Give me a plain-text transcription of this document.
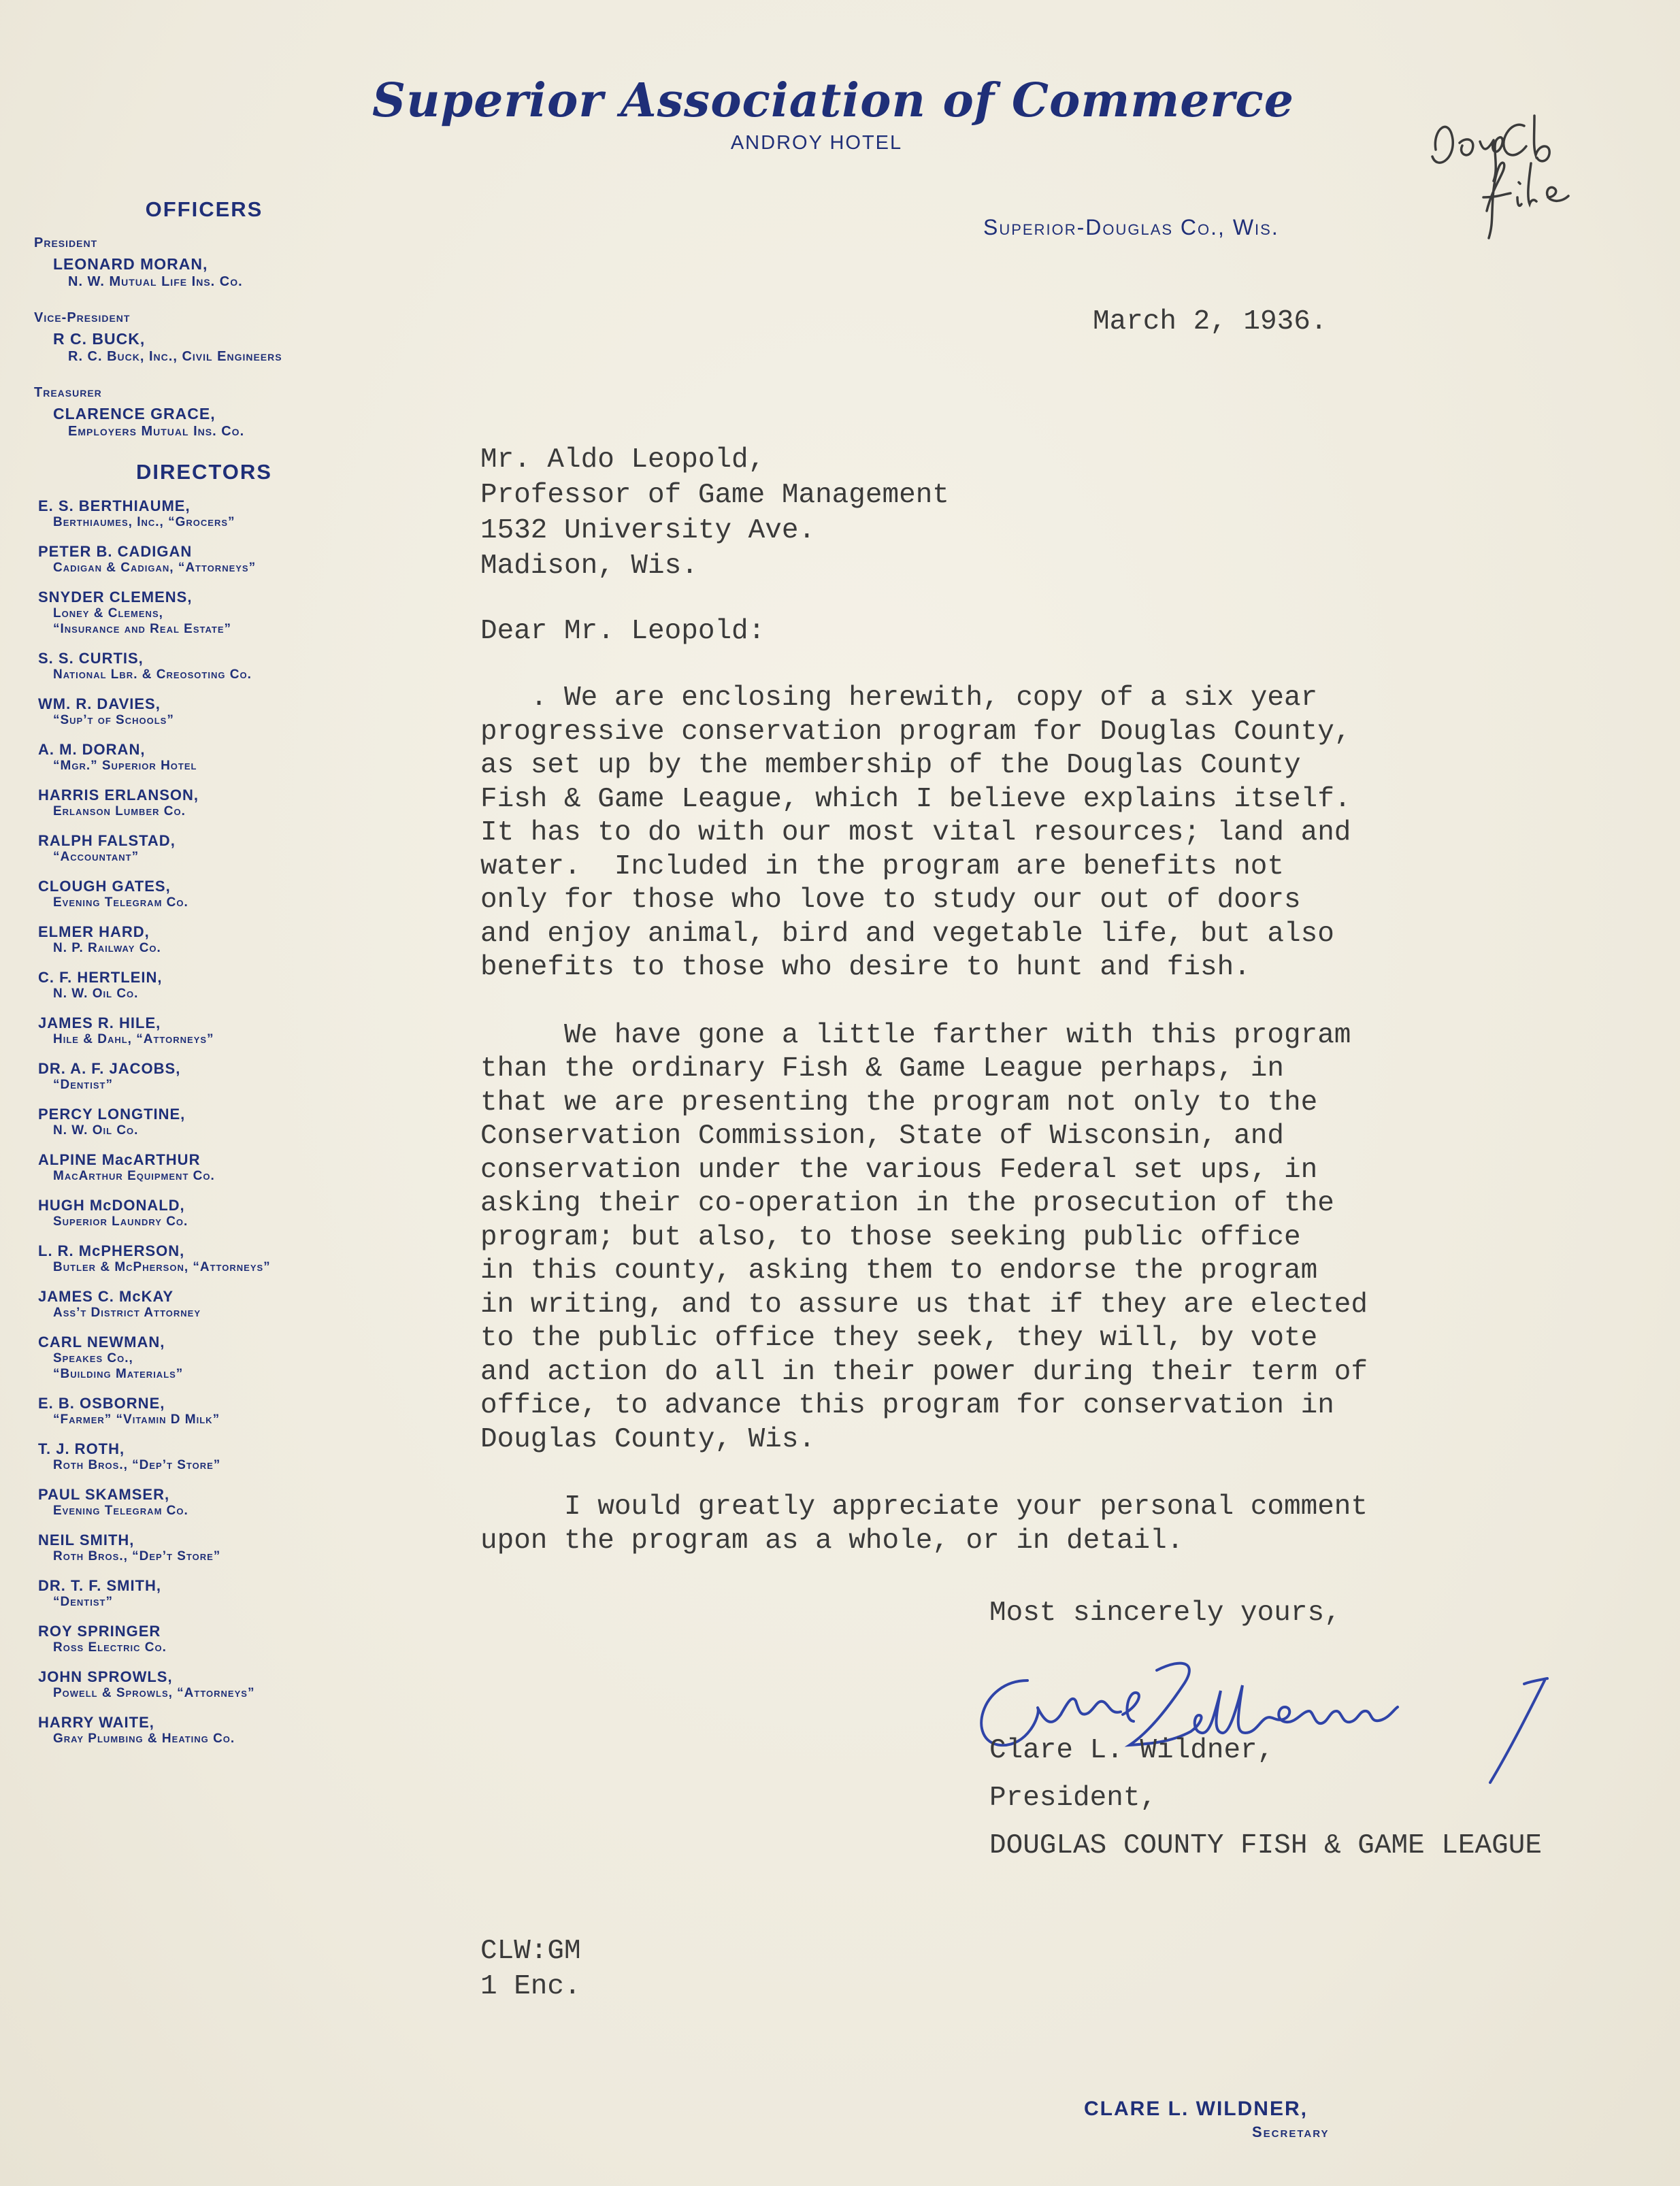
Superior Association of Commerce
ANDROY HOTEL
Superior-Douglas Co., Wis.
Doug Co
OFFICERS
President
LEONARD MORAN,
N. W. Mutual Life Ins. Co.
Vice-President
R C. BUCK,
R. C. Buck, Inc., Civil Engineers
Treasurer
CLARENCE GRACE,
Employers Mutual Ins. Co.
DIRECTORS
E. S. BERTHIAUME,
Berthiaumes, Inc., “Grocers”
PETER B. CADIGAN
Cadigan & Cadigan, “Attorneys”
SNYDER CLEMENS,
Loney & Clemens,
“Insurance and Real Estate”
S. S. CURTIS,
National Lbr. & Creosoting Co.
WM. R. DAVIES,
“Sup’t of Schools”
A. M. DORAN,
“Mgr.” Superior Hotel
HARRIS ERLANSON,
Erlanson Lumber Co.
RALPH FALSTAD,
“Accountant”
CLOUGH GATES,
Evening Telegram Co.
ELMER HARD,
N. P. Railway Co.
C. F. HERTLEIN,
N. W. Oil Co.
JAMES R. HILE,
Hile & Dahl, “Attorneys”
DR. A. F. JACOBS,
“Dentist”
PERCY LONGTINE,
N. W. Oil Co.
ALPINE MacARTHUR
MacArthur Equipment Co.
HUGH McDONALD,
Superior Laundry Co.
L. R. McPHERSON,
Butler & McPherson, “Attorneys”
JAMES C. McKAY
Ass’t District Attorney
CARL NEWMAN,
Speakes Co.,
“Building Materials”
E. B. OSBORNE,
“Farmer” “Vitamin D Milk”
T. J. ROTH,
Roth Bros., “Dep’t Store”
PAUL SKAMSER,
Evening Telegram Co.
NEIL SMITH,
Roth Bros., “Dep’t Store”
DR. T. F. SMITH,
“Dentist”
ROY SPRINGER
Ross Electric Co.
JOHN SPROWLS,
Powell & Sprowls, “Attorneys”
HARRY WAITE,
Gray Plumbing & Heating Co.
March 2, 1936.
Mr. Aldo Leopold,
Professor of Game Management
1532 University Ave.
Madison, Wis.
Dear Mr. Leopold:
. We are enclosing herewith, copy of a six year
progressive conservation program for Douglas County,
as set up by the membership of the Douglas County
Fish & Game League, which I believe explains itself.
It has to do with our most vital resources; land and
water.  Included in the program are benefits not
only for those who love to study our out of doors
and enjoy animal, bird and vegetable life, but also
benefits to those who desire to hunt and fish.
We have gone a little farther with this program
than the ordinary Fish & Game League perhaps, in
that we are presenting the program not only to the
Conservation Commission, State of Wisconsin, and
conservation under the various Federal set ups, in
asking their co-operation in the prosecution of the
program; but also, to those seeking public office
in this county, asking them to endorse the program
in writing, and to assure us that if they are elected
to the public office they seek, they will, by vote
and action do all in their power during their term of
office, to advance this program for conservation in
Douglas County, Wis.
I would greatly appreciate your personal comment
upon the program as a whole, or in detail.
Most sincerely yours,
Clare L. Wildner,
President,
DOUGLAS COUNTY FISH & GAME LEAGUE
CLW:GM
1 Enc.
CLARE L. WILDNER,
Secretary
